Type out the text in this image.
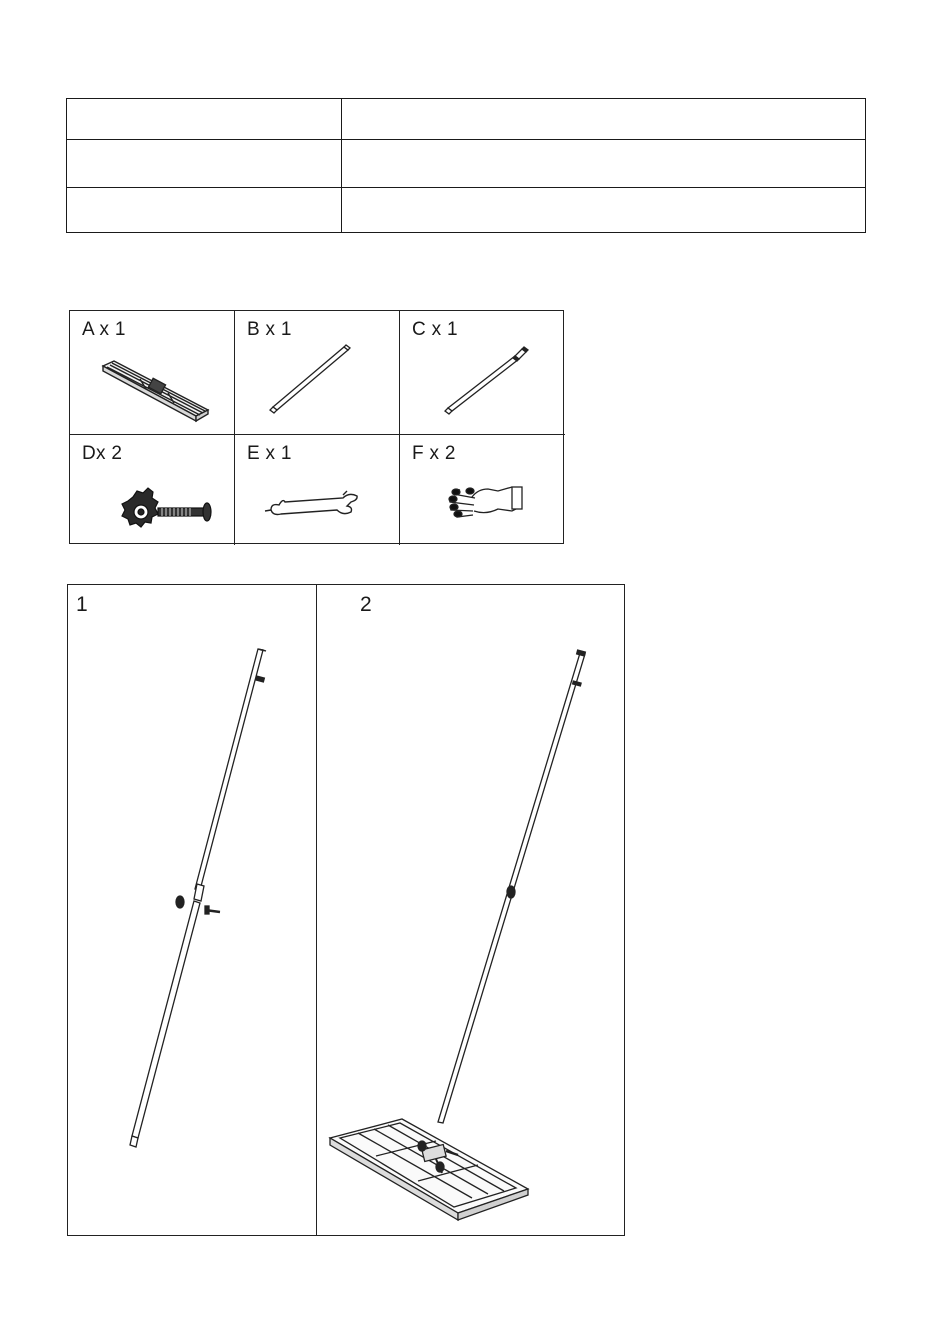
A x 1	B x 1	C x 1
Dx 2	E x 1	F x 2
1	2
